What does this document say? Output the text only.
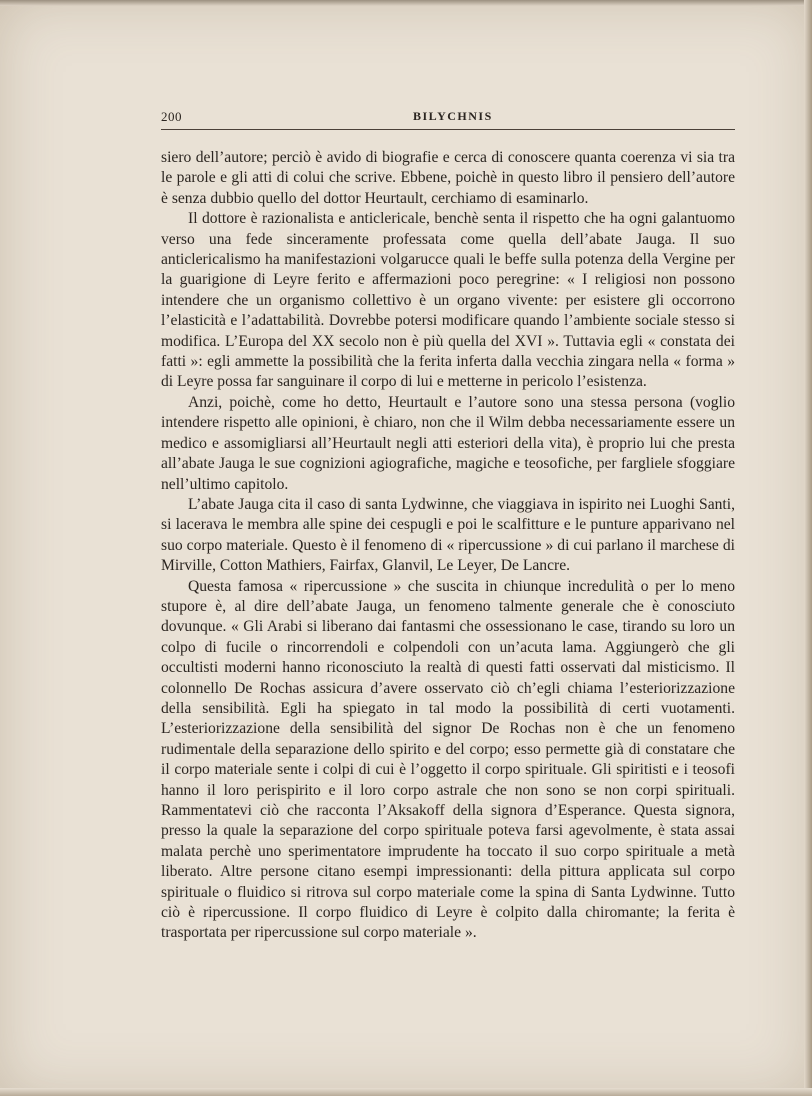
200	BILYCHNIS

siero dell’autore; perciò è avido di biografie e cerca di conoscere quanta coerenza vi sia tra le parole e gli atti di colui che scrive. Ebbene, poichè in questo libro il pensiero dell’autore è senza dubbio quello del dottor Heurtault, cerchiamo di esaminarlo.

Il dottore è razionalista e anticlericale, benchè senta il rispetto che ha ogni galantuomo verso una fede sinceramente professata come quella dell’abate Jauga. Il suo anticlericalismo ha manifestazioni volgarucce quali le beffe sulla potenza della Vergine per la guarigione di Leyre ferito e affermazioni poco peregrine: « I religiosi non possono intendere che un organismo collettivo è un organo vivente: per esistere gli occorrono l’elasticità e l’adattabilità. Dovrebbe potersi modificare quando l’ambiente sociale stesso si modifica. L’Europa del XX secolo non è più quella del XVI ». Tuttavia egli « constata dei fatti »: egli ammette la possibilità che la ferita inferta dalla vecchia zingara nella « forma » di Leyre possa far sanguinare il corpo di lui e metterne in pericolo l’esistenza.

Anzi, poichè, come ho detto, Heurtault e l’autore sono una stessa persona (voglio intendere rispetto alle opinioni, è chiaro, non che il Wilm debba necessariamente essere un medico e assomigliarsi all’Heurtault negli atti esteriori della vita), è proprio lui che presta all’abate Jauga le sue cognizioni agiografiche, magiche e teosofiche, per fargliele sfoggiare nell’ultimo capitolo.

L’abate Jauga cita il caso di santa Lydwinne, che viaggiava in ispirito nei Luoghi Santi, si lacerava le membra alle spine dei cespugli e poi le scalfitture e le punture apparivano nel suo corpo materiale. Questo è il fenomeno di « ripercussione » di cui parlano il marchese di Mirville, Cotton Mathiers, Fairfax, Glanvil, Le Leyer, De Lancre.

Questa famosa « ripercussione » che suscita in chiunque incredulità o per lo meno stupore è, al dire dell’abate Jauga, un fenomeno talmente generale che è conosciuto dovunque. « Gli Arabi si liberano dai fantasmi che ossessionano le case, tirando su loro un colpo di fucile o rincorrendoli e colpendoli con un’acuta lama. Aggiungerò che gli occultisti moderni hanno riconosciuto la realtà di questi fatti osservati dal misticismo. Il colonnello De Rochas assicura d’avere osservato ciò ch’egli chiama l’esteriorizzazione della sensibilità. Egli ha spiegato in tal modo la possibilità di certi vuotamenti. L’esteriorizzazione della sensibilità del signor De Rochas non è che un fenomeno rudimentale della separazione dello spirito e del corpo; esso permette già di constatare che il corpo materiale sente i colpi di cui è l’oggetto il corpo spirituale. Gli spiritisti e i teosofi hanno il loro perispirito e il loro corpo astrale che non sono se non corpi spirituali. Rammentatevi ciò che racconta l’Aksakoff della signora d’Esperance. Questa signora, presso la quale la separazione del corpo spirituale poteva farsi agevolmente, è stata assai malata perchè uno sperimentatore imprudente ha toccato il suo corpo spirituale a metà liberato. Altre persone citano esempi impressionanti: della pittura applicata sul corpo spirituale o fluidico si ritrova sul corpo materiale come la spina di Santa Lydwinne. Tutto ciò è ripercussione. Il corpo fluidico di Leyre è colpito dalla chiromante; la ferita è trasportata per ripercussione sul corpo materiale ».
